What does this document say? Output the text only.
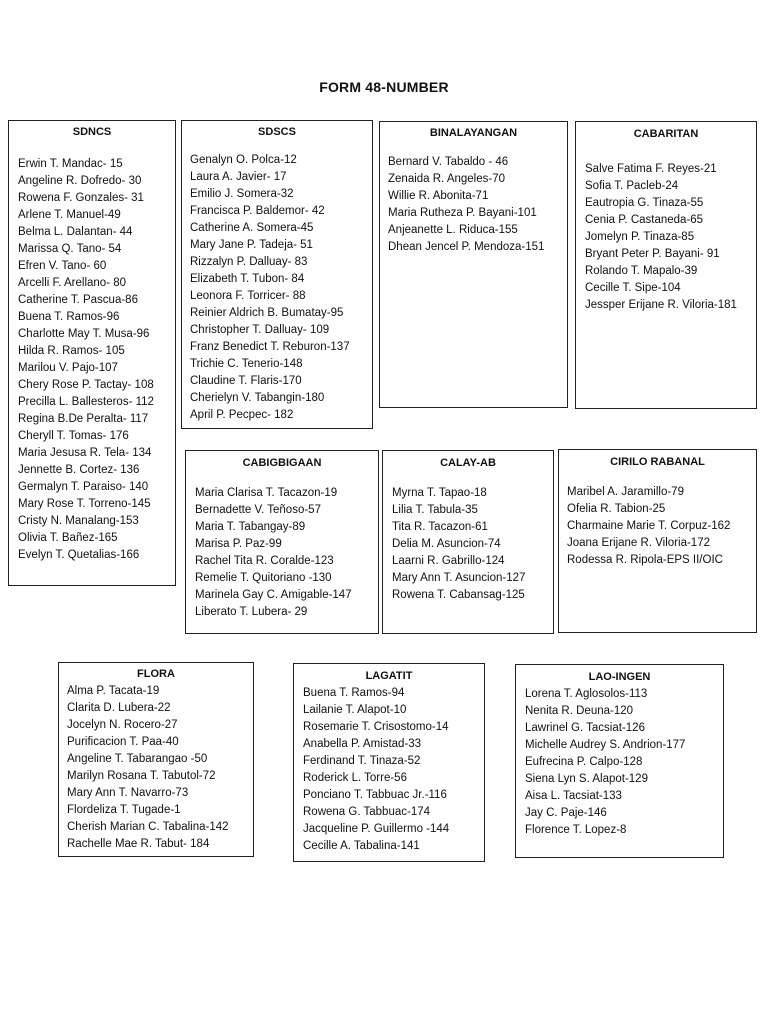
FORM 48-NUMBER
SDNCS
Erwin T. Mandac- 15
Angeline R. Dofredo- 30
Rowena F. Gonzales- 31
Arlene T. Manuel-49
Belma L. Dalantan- 44
Marissa Q. Tano- 54
Efren V. Tano- 60
Arcelli F. Arellano- 80
Catherine T. Pascua-86
Buena T. Ramos-96
Charlotte May T. Musa-96
Hilda R. Ramos- 105
Marilou V. Pajo-107
Chery Rose P. Tactay- 108
Precilla L. Ballesteros- 112
Regina B.De Peralta- 117
Cheryll T. Tomas- 176
Maria Jesusa R. Tela- 134
Jennette B. Cortez- 136
Germalyn T. Paraiso- 140
Mary Rose T. Torreno-145
Cristy N. Manalang-153
Olivia T. Bañez-165
Evelyn T. Quetalias-166
SDSCS
Genalyn O. Polca-12
Laura A. Javier- 17
Emilio J. Somera-32
Francisca P. Baldemor- 42
Catherine A. Somera-45
Mary Jane P. Tadeja- 51
Rizzalyn P. Dalluay- 83
Elizabeth T. Tubon- 84
Leonora F. Torricer- 88
Reinier Aldrich B. Bumatay-95
Christopher T. Dalluay- 109
Franz Benedict T. Reburon-137
Trichie C. Tenerio-148
Claudine T. Flaris-170
Cherielyn V. Tabangin-180
April P. Pecpec- 182
BINALAYANGAN
Bernard V. Tabaldo - 46
Zenaida R. Angeles-70
Willie R. Abonita-71
Maria Rutheza P. Bayani-101
Anjeanette L. Riduca-155
Dhean Jencel P. Mendoza-151
CABARITAN
Salve Fatima F. Reyes-21
Sofia T. Pacleb-24
Eautropia G. Tinaza-55
Cenia P. Castaneda-65
Jomelyn P. Tinaza-85
Bryant Peter P. Bayani- 91
Rolando T. Mapalo-39
Cecille T. Sipe-104
Jessper Erijane R. Viloria-181
CABIGBIGAAN
Maria Clarisa T. Tacazon-19
Bernadette V. Teñoso-57
Maria T. Tabangay-89
Marisa P. Paz-99
Rachel Tita R. Coralde-123
Remelie T. Quitoriano -130
Marinela Gay C. Amigable-147
Liberato T. Lubera- 29
CALAY-AB
Myrna T. Tapao-18
Lilia T. Tabula-35
Tita R. Tacazon-61
Delia M. Asuncion-74
Laarni R. Gabrillo-124
Mary Ann T. Asuncion-127
Rowena T. Cabansag-125
CIRILO RABANAL
Maribel A. Jaramillo-79
Ofelia R. Tabion-25
Charmaine Marie T. Corpuz-162
Joana Erijane R. Viloria-172
Rodessa R. Ripola-EPS II/OIC
FLORA
Alma P. Tacata-19
Clarita D. Lubera-22
Jocelyn N. Rocero-27
Purificacion T. Paa-40
Angeline T. Tabarangao -50
Marilyn Rosana T. Tabutol-72
Mary Ann T. Navarro-73
Flordeliza T. Tugade-1
Cherish Marian C. Tabalina-142
Rachelle Mae R. Tabut- 184
LAGATIT
Buena T. Ramos-94
Lailanie T. Alapot-10
Rosemarie T. Crisostomo-14
Anabella P. Amistad-33
Ferdinand T. Tinaza-52
Roderick L. Torre-56
Ponciano T. Tabbuac Jr.-116
Rowena G. Tabbuac-174
Jacqueline P. Guillermo -144
Cecille A. Tabalina-141
LAO-INGEN
Lorena T. Aglosolos-113
Nenita R. Deuna-120
Lawrinel G. Tacsiat-126
Michelle Audrey S. Andrion-177
Eufrecina P. Calpo-128
Siena Lyn S. Alapot-129
Aisa L. Tacsiat-133
Jay C. Paje-146
Florence T. Lopez-8
